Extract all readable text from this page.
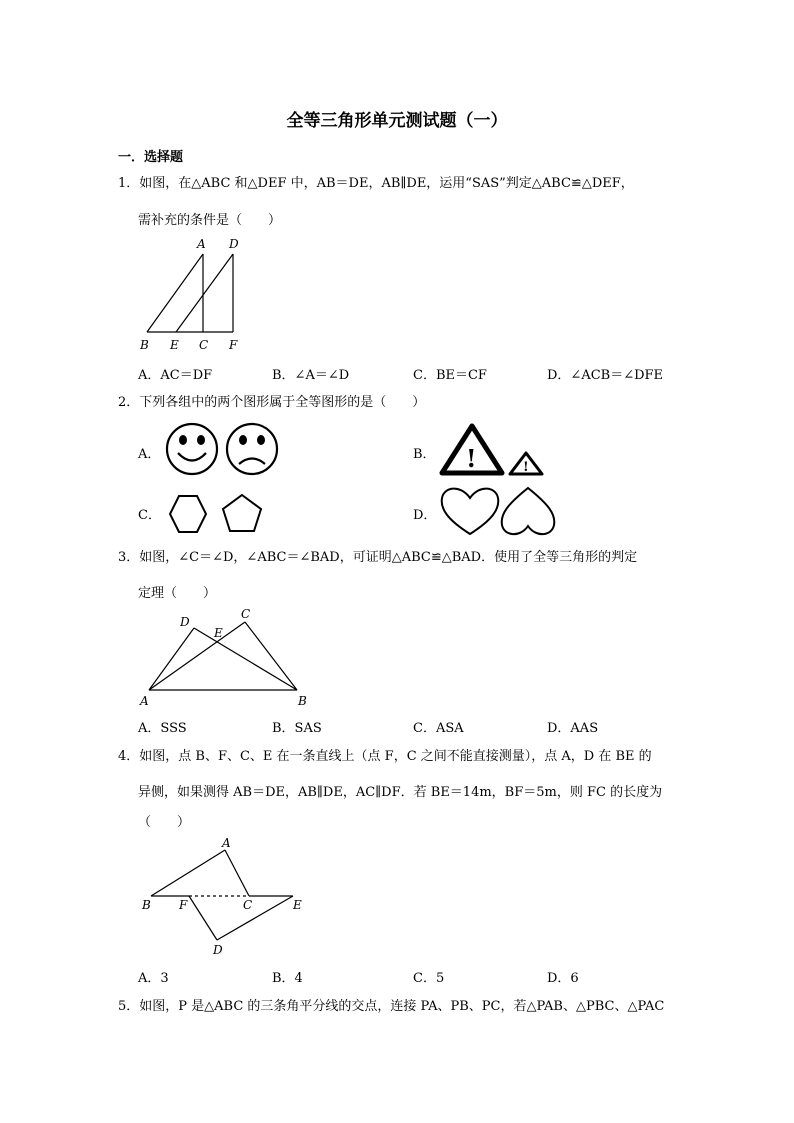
全等三角形单元测试题（一）
一．选择题
1．如图，在△ABC 和△DEF 中，AB＝DE，AB∥DE，运用“SAS”判定△ABC≌△DEF，
需补充的条件是（　　）
A D
B E C F
A．AC＝DF	B．∠A＝∠D	C．BE＝CF	D．∠ACB＝∠DFE
2．下列各组中的两个图形属于全等图形的是（　　）
A．	B． !	!
C．	D．
3．如图，∠C＝∠D，∠ABC＝∠BAD，可证明△ABC≌△BAD．使用了全等三角形的判定
定理（　　）
D
E
C
A	B
A．SSS	B．SAS	C．ASA	D．AAS
4．如图，点 B、F、C、E 在一条直线上（点 F，C 之间不能直接测量），点 A，D 在 BE 的
异侧，如果测得 AB＝DE，AB∥DE，AC∥DF．若 BE＝14m，BF＝5m，则 FC 的长度为
（　　）
A
B F	C	E
D
A．3	B．4	C．5	D．6
5．如图，P 是△ABC 的三条角平分线的交点，连接 PA、PB、PC，若△PAB、△PBC、△PAC
